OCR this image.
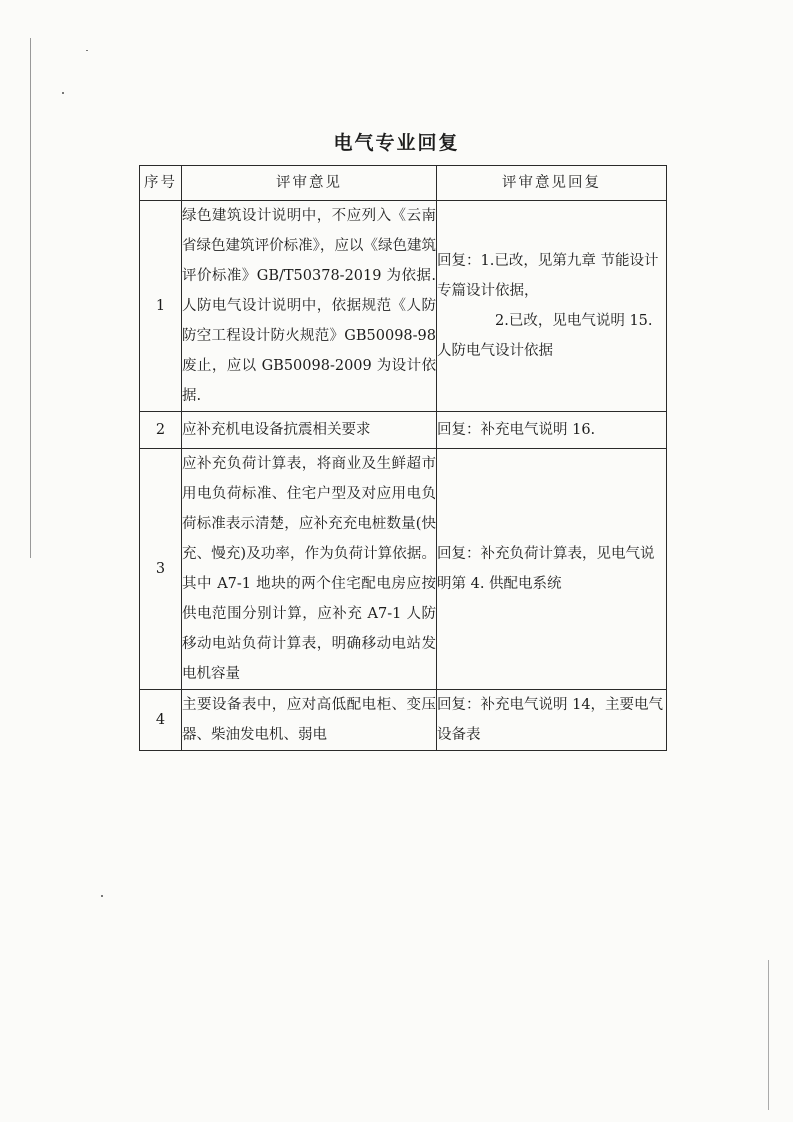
电气专业回复
序号	评审意见	评审意见回复
1	绿色建筑设计说明中，不应列入《云南省绿色建筑评价标准》，应以《绿色建筑评价标准》GB/T50378-2019 为依据.人防电气设计说明中，依据规范《人防防空工程设计防火规范》GB50098-98 废止，应以 GB50098-2009 为设计依据.	回复：1.已改，见第九章 节能设计专篇设计依据，
2.已改，见电气说明 15.人防电气设计依据

2	应补充机电设备抗震相关要求	回复：补充电气说明 16.

3	应补充负荷计算表，将商业及生鲜超市用电负荷标准、住宅户型及对应用电负荷标准表示清楚，应补充充电桩数量(快充、慢充)及功率，作为负荷计算依据。其中 A7-1 地块的两个住宅配电房应按供电范围分别计算，应补充 A7-1 人防移动电站负荷计算表，明确移动电站发电机容量	回复：补充负荷计算表，见电气说明第 4. 供配电系统

4	主要设备表中，应对高低配电柜、变压器、柴油发电机、弱电	回复：补充电气说明 14，主要电气设备表
